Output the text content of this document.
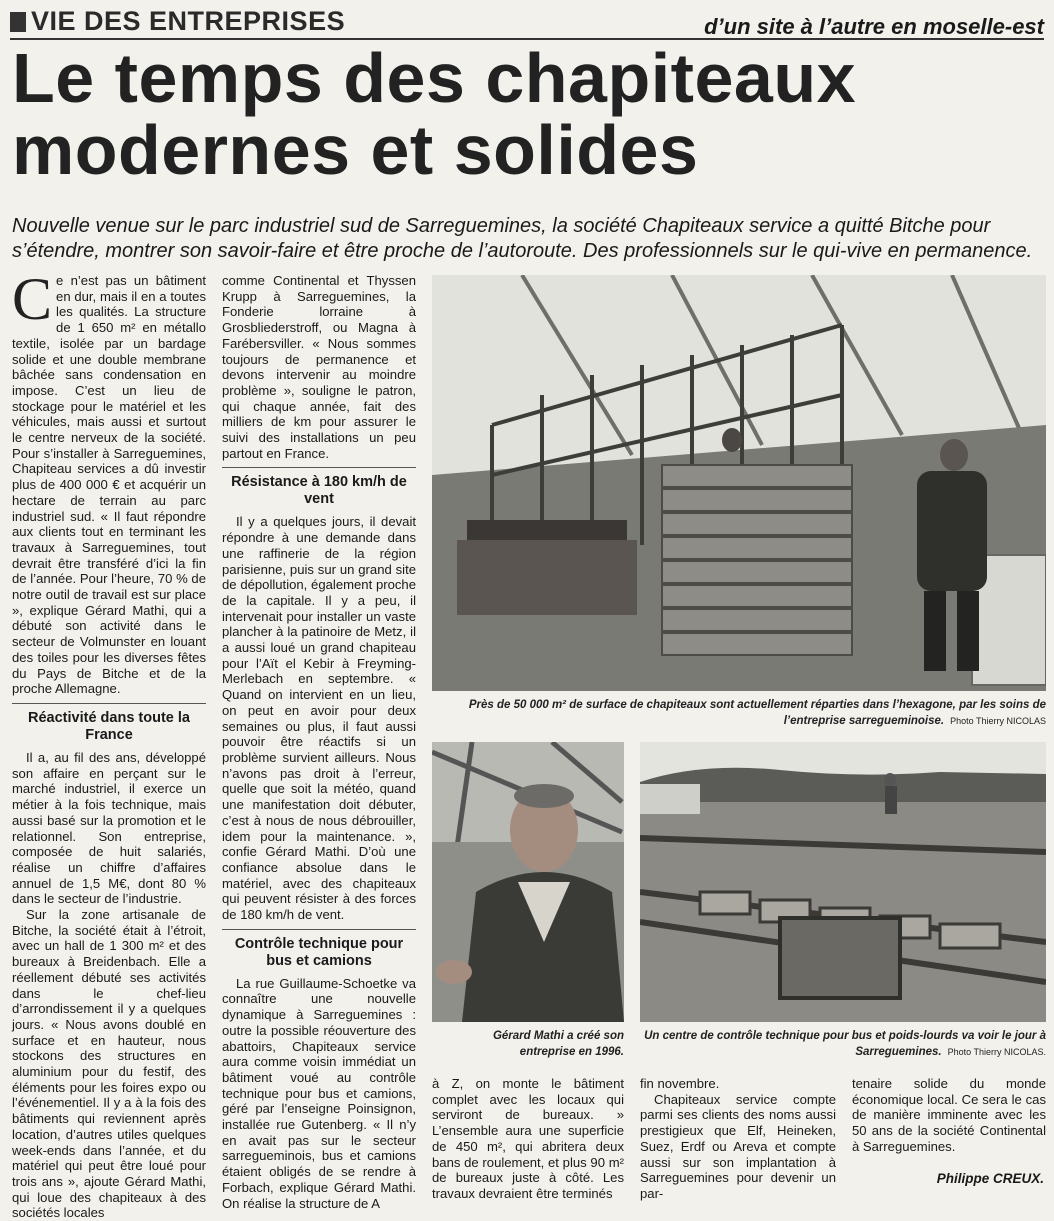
VIE DES ENTREPRISES	d’un site à l’autre en moselle-est
Le temps des chapiteaux modernes et solides

Nouvelle venue sur le parc industriel sud de Sarreguemines, la société Chapiteaux service a quitté Bitche pour s’étendre, montrer son savoir-faire et être proche de l’autoroute. Des professionnels sur le qui-vive en permanence.

Ce n’est pas un bâtiment en dur, mais il en a toutes les qualités. La structure de 1 650 m² en métallo textile, isolée par un bardage solide et une double membrane bâchée sans condensation en impose. C’est un lieu de stockage pour le matériel et les véhicules, mais aussi et surtout le centre nerveux de la société. Pour s’installer à Sarreguemines, Chapiteau services a dû investir plus de 400 000 € et acquérir un hectare de terrain au parc industriel sud. « Il faut répondre aux clients tout en terminant les travaux à Sarreguemines, tout devrait être transféré d’ici la fin de l’année. Pour l’heure, 70 % de notre outil de travail est sur place », explique Gérard Mathi, qui a débuté son activité dans le secteur de Volmunster en louant des toiles pour les diverses fêtes du Pays de Bitche et de la proche Allemagne.

Réactivité dans toute la France

Il a, au fil des ans, développé son affaire en perçant sur le marché industriel, il exerce un métier à la fois technique, mais aussi basé sur la promotion et le relationnel. Son entreprise, composée de huit salariés, réalise un chiffre d’affaires annuel de 1,5 M€, dont 80 % dans le secteur de l’industrie.

Sur la zone artisanale de Bitche, la société était à l’étroit, avec un hall de 1 300 m² et des bureaux à Breidenbach. Elle a réellement débuté ses activités dans le chef-lieu d’arrondissement il y a quelques jours. « Nous avons doublé en surface et en hauteur, nous stockons des structures en aluminium pour du festif, des éléments pour les foires expo ou l’événementiel. Il y a à la fois des bâtiments qui reviennent après location, d’autres utiles quelques week-ends dans l’année, et du matériel qui peut être loué pour trois ans », ajoute Gérard Mathi, qui loue des chapiteaux à des sociétés locales

comme Continental et Thyssen Krupp à Sarreguemines, la Fonderie lorraine à Grosbliederstroff, ou Magna à Farébersviller. « Nous sommes toujours de permanence et devons intervenir au moindre problème », souligne le patron, qui chaque année, fait des milliers de km pour assurer le suivi des installations un peu partout en France.

Résistance à 180 km/h de vent

Il y a quelques jours, il devait répondre à une demande dans une raffinerie de la région parisienne, puis sur un grand site de dépollution, également proche de la capitale. Il y a peu, il intervenait pour installer un vaste plancher à la patinoire de Metz, il a aussi loué un grand chapiteau pour l’Aït el Kebir à Freyming-Merlebach en septembre. « Quand on intervient en un lieu, on peut en avoir pour deux semaines ou plus, il faut aussi pouvoir être réactifs si un problème survient ailleurs. Nous n’avons pas droit à l’erreur, quelle que soit la météo, quand une manifestation doit débuter, c’est à nous de nous débrouiller, idem pour la maintenance. », confie Gérard Mathi. D’où une confiance absolue dans le matériel, avec des chapiteaux qui peuvent résister à des forces de 180 km/h de vent.

Contrôle technique pour bus et camions

La rue Guillaume-Schoetke va connaître une nouvelle dynamique à Sarreguemines : outre la possible réouverture des abattoirs, Chapiteaux service aura comme voisin immédiat un bâtiment voué au contrôle technique pour bus et camions, géré par l’enseigne Poinsignon, installée rue Gutenberg. « Il n’y en avait pas sur le secteur sarregueminois, bus et camions étaient obligés de se rendre à Forbach, explique Gérard Mathi. On réalise la structure de A

Près de 50 000 m² de surface de chapiteaux sont actuellement réparties dans l’hexagone, par les soins de l’entreprise sarregueminoise. Photo Thierry NICOLAS
Gérard Mathi a créé son entreprise en 1996.
Un centre de contrôle technique pour bus et poids-lourds va voir le jour à Sarreguemines. Photo Thierry NICOLAS.

à Z, on monte le bâtiment complet avec les locaux qui serviront de bureaux. » L’ensemble aura une superficie de 450 m², qui abritera deux bans de roulement, et plus 90 m² de bureaux juste à côté. Les travaux devraient être terminés

fin novembre.

Chapiteaux service compte parmi ses clients des noms aussi prestigieux que Elf, Heineken, Suez, Erdf ou Areva et compte aussi sur son implantation à Sarreguemines pour devenir un par-

tenaire solide du monde économique local. Ce sera le cas de manière imminente avec les 50 ans de la société Continental à Sarreguemines.

Philippe CREUX.
